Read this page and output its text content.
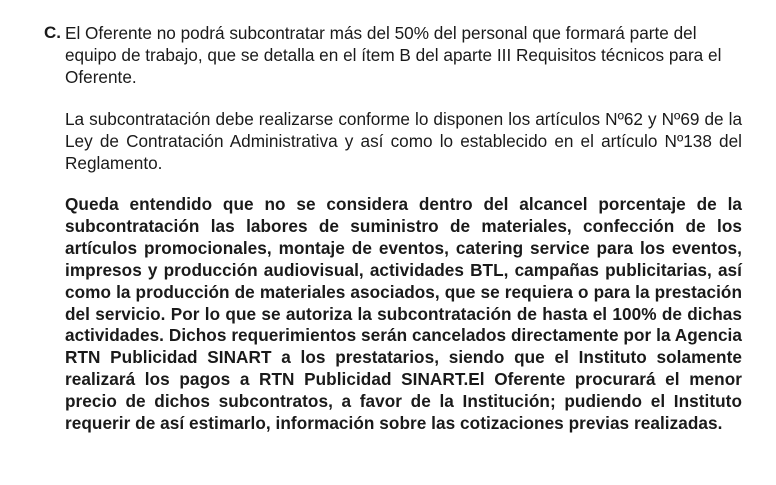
C. El Oferente no podrá subcontratar más del 50% del personal que formará parte del equipo de trabajo, que se detalla en el ítem B del aparte III Requisitos técnicos para el Oferente.

La subcontratación debe realizarse conforme lo disponen los artículos Nº62 y Nº69 de la Ley de Contratación Administrativa y así como lo establecido en el artículo Nº138 del Reglamento.

Queda entendido que no se considera dentro del alcancel porcentaje de la subcontratación las labores de suministro de materiales, confección de los artículos promocionales, montaje de eventos, catering service para los eventos, impresos y producción audiovisual, actividades BTL, campañas publicitarias, así como la producción de materiales asociados, que se requiera o para la prestación del servicio. Por lo que se autoriza la subcontratación de hasta el 100% de dichas actividades. Dichos requerimientos serán cancelados directamente por la Agencia RTN Publicidad SINART a los prestatarios, siendo que el Instituto solamente realizará los pagos a RTN Publicidad SINART.El Oferente procurará el menor precio de dichos subcontratos, a favor de la Institución; pudiendo el Instituto requerir de así estimarlo, información sobre las cotizaciones previas realizadas.
